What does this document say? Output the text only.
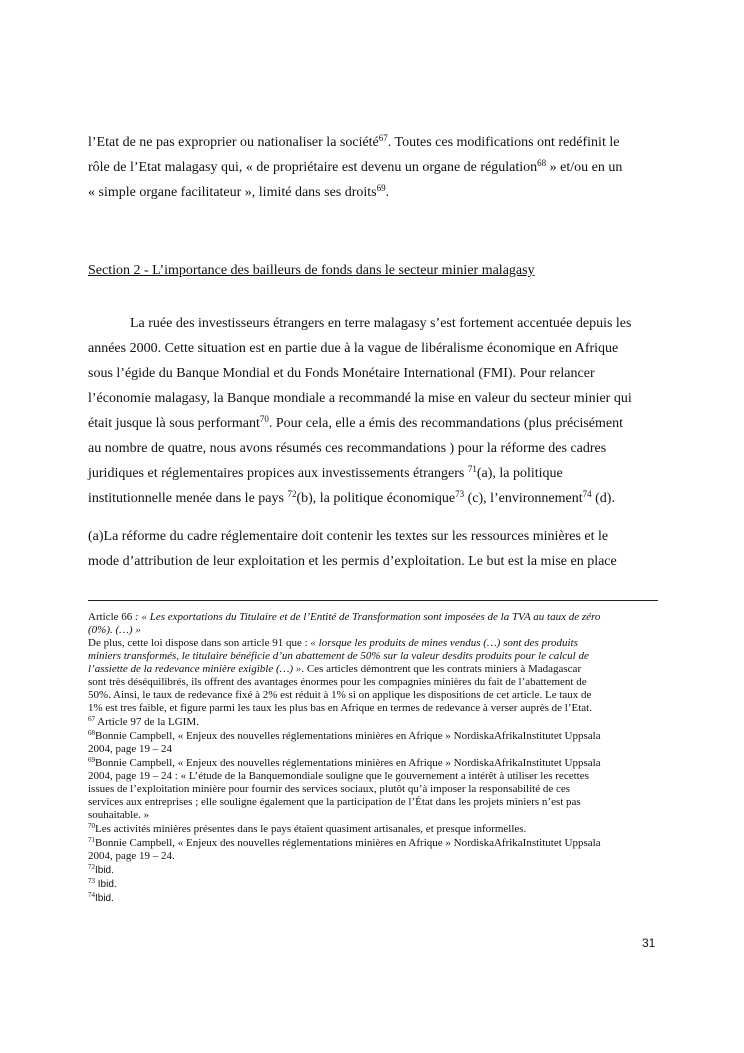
l’Etat de ne pas exproprier ou nationaliser la société$^{67}$. Toutes ces modifications ont redéfinit le
rôle de l’Etat malagasy qui, « de propriétaire est devenu un organe de régulation$^{68}$ » et/ou en un
« simple organe facilitateur », limité dans ses droits$^{69}$.
Section 2 - L’importance des bailleurs de fonds dans le secteur minier malagasy
La ruée des investisseurs étrangers en terre malagasy s’est fortement accentuée depuis les
années 2000. Cette situation est en partie due à la vague de libéralisme économique en Afrique
sous l’égide du Banque Mondial et du Fonds Monétaire International (FMI). Pour relancer
l’économie malagasy, la Banque mondiale a recommandé la mise en valeur du secteur minier qui
était jusque là sous performant$^{70}$. Pour cela, elle a émis des recommandations (plus précisément
au nombre de quatre, nous avons résumés ces recommandations ) pour la réforme des cadres
juridiques et réglementaires propices aux investissements étrangers $^{71}$(a), la politique
institutionnelle menée dans le pays $^{72}$(b), la politique économique$^{73}$ (c), l’environnement$^{74}$ (d).
(a)La réforme du cadre réglementaire doit contenir les textes sur les ressources minières et le
mode d’attribution de leur exploitation et les permis d’exploitation. Le but est la mise en place
Article 66 : « Les exportations du Titulaire et de l’Entité de Transformation sont imposées de la TVA au taux de zéro
(0%). (…) »
De plus, cette loi dispose dans son article 91 que : « lorsque les produits de mines vendus (…) sont des produits
miniers transformés, le titulaire bénéficie d’un abattement de 50% sur la valeur desdits produits pour le calcul de
l’assiette de la redevance minière exigible (…) ». Ces articles démontrent que les contrats miniers à Madagascar
sont très déséquilibrés, ils offrent des avantages énormes pour les compagnies minières du fait de l’abattement de
50%. Ainsi, le taux de redevance fixé à 2% est réduit à 1% si on applique les dispositions de cet article. Le taux de
1% est tres faible, et figure parmi les taux les plus bas en Afrique en termes de redevance à verser auprès de l’Etat.
$^{67}$ Article 97 de la LGIM.
$^{68}$Bonnie Campbell, « Enjeux des nouvelles réglementations minières en Afrique » NordiskaAfrikaInstitutet Uppsala
2004, page 19 – 24
$^{69}$Bonnie Campbell, « Enjeux des nouvelles réglementations minières en Afrique » NordiskaAfrikaInstitutet Uppsala
2004, page 19 – 24 : « L’étude de la Banquemondiale souligne que le gouvernement a intérêt à utiliser les recettes
issues de l’exploitation minière pour fournir des services sociaux, plutôt qu’à imposer la responsabilité de ces
services aux entreprises ; elle souligne également que la participation de l’État dans les projets miniers n’est pas
souhaitable. »
$^{70}$Les activités minières présentes dans le pays étaient quasiment artisanales, et presque informelles.
$^{71}$Bonnie Campbell, « Enjeux des nouvelles réglementations minières en Afrique » NordiskaAfrikaInstitutet Uppsala
2004, page 19 – 24.
$^{72}$Ibid.
$^{73}$ Ibid.
$^{74}$Ibid.
31
